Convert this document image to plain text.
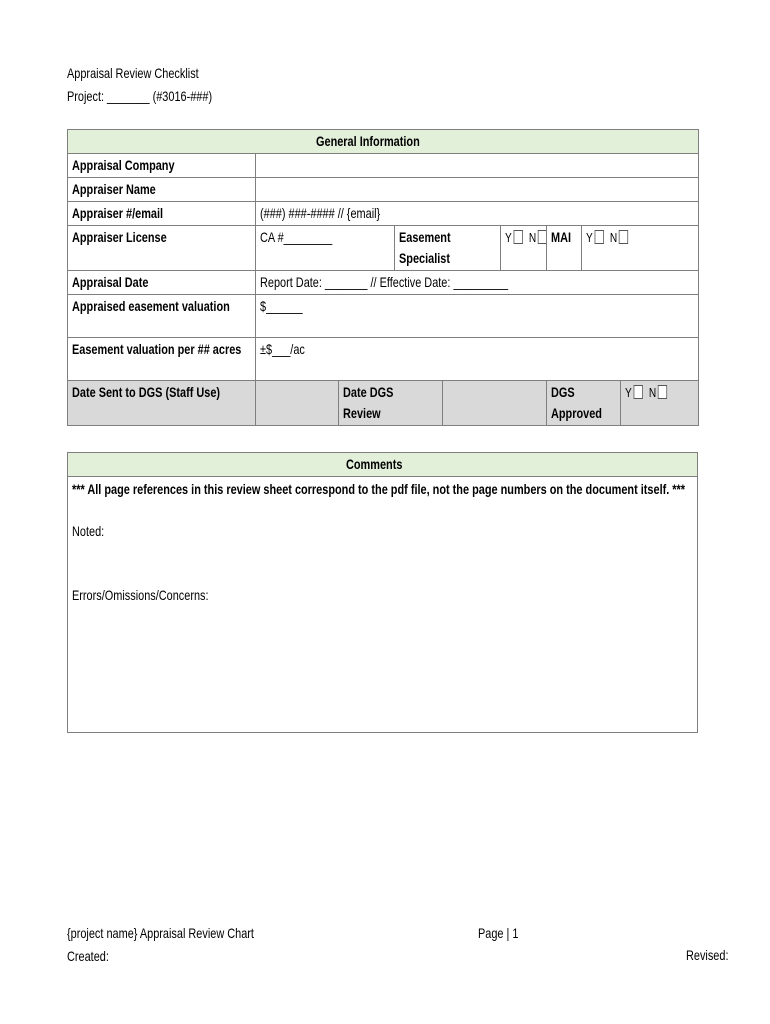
Appraisal Review Checklist
Project: _______ (#3016-###)
General Information								

Appraisal Company								

Appraiser Name								

Appraiser #/email	(###) ###-#### // {email}							

Appraiser License	CA #________		Easement Specialist		Y N	MAI	Y N	

Appraisal Date	Report Date: _______ // Effective Date: _________							

Appraised easement valuation	$______							

Easement valuation per ## acres	±$___/ac							

Date Sent to DGS (Staff Use)		Date DGS Review				DGS Approved		Y N
Comments

*** All page references in this review sheet correspond to the pdf file, not the page numbers on the document itself. ***
Noted:
Errors/Omissions/Concerns:
{project name} Appraisal Review Chart
Created:
Page | 1
Revised:
